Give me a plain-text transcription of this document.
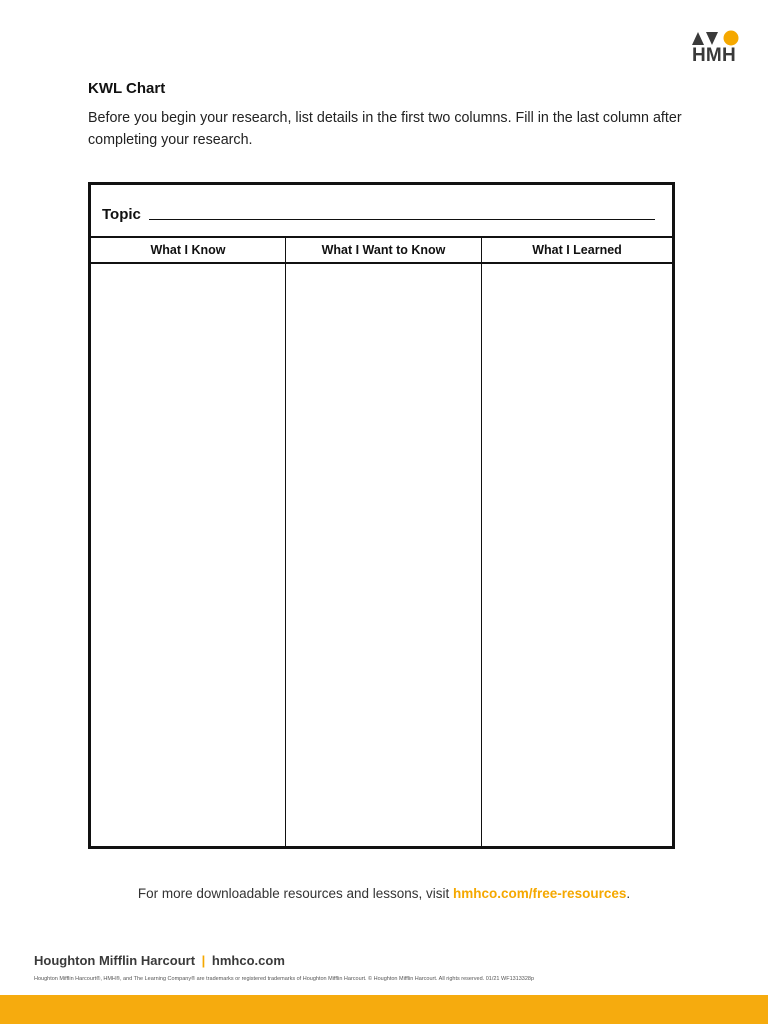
HMH
KWL Chart

Before you begin your research, list details in the first two columns. Fill in the last column after completing your research.

Topic
What I Know	What I Want to Know	What I Learned
For more downloadable resources and lessons, visit hmhco.com/free-resources.
Houghton Mifflin Harcourt | hmhco.com
Houghton Mifflin Harcourt®, HMH®, and The Learning Company® are trademarks or registered trademarks of Houghton Mifflin Harcourt. © Houghton Mifflin Harcourt. All rights reserved. 01/21 WF1313328p
